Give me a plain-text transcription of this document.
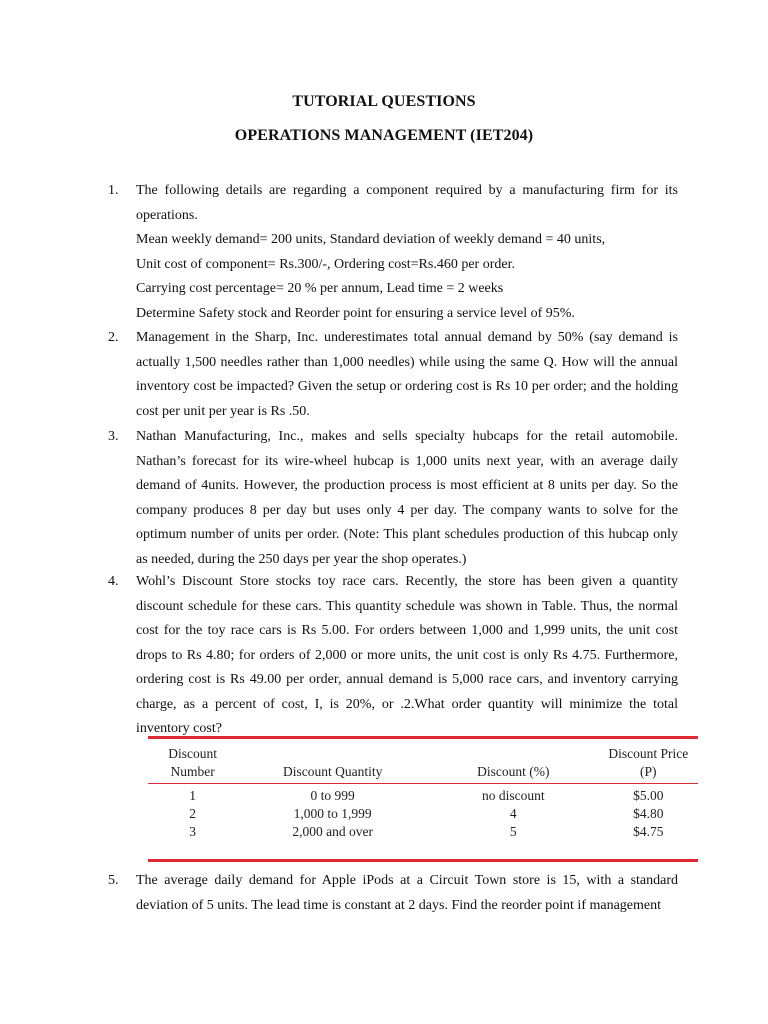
TUTORIAL QUESTIONS
OPERATIONS MANAGEMENT (IET204)
1. The following details are regarding a component required by a manufacturing firm for its operations.
Mean weekly demand= 200 units, Standard deviation of weekly demand = 40 units,
Unit cost of component= Rs.300/-, Ordering cost=Rs.460 per order.
Carrying cost percentage= 20 % per annum, Lead time = 2 weeks
Determine Safety stock and Reorder point for ensuring a service level of 95%.
2. Management in the Sharp, Inc. underestimates total annual demand by 50% (say demand is actually 1,500 needles rather than 1,000 needles) while using the same Q. How will the annual inventory cost be impacted? Given the setup or ordering cost is Rs 10 per order; and the holding cost per unit per year is Rs .50.
3. Nathan Manufacturing, Inc., makes and sells specialty hubcaps for the retail automobile. Nathan’s forecast for its wire-wheel hubcap is 1,000 units next year, with an average daily demand of 4units. However, the production process is most efficient at 8 units per day. So the company produces 8 per day but uses only 4 per day. The company wants to solve for the optimum number of units per order. (Note: This plant schedules production of this hubcap only as needed, during the 250 days per year the shop operates.)
4. Wohl’s Discount Store stocks toy race cars. Recently, the store has been given a quantity discount schedule for these cars. This quantity schedule was shown in Table. Thus, the normal cost for the toy race cars is Rs 5.00. For orders between 1,000 and 1,999 units, the unit cost drops to Rs 4.80; for orders of 2,000 or more units, the unit cost is only Rs 4.75. Furthermore, ordering cost is Rs 49.00 per order, annual demand is 5,000 race cars, and inventory carrying charge, as a percent of cost, I, is 20%, or .2.What order quantity will minimize the total inventory cost?
Discount Number	Discount Quantity	Discount (%)	Discount Price (P)
1	0 to 999	no discount	$5.00
2	1,000 to 1,999	4	$4.80
3	2,000 and over	5	$4.75
5. The average daily demand for Apple iPods at a Circuit Town store is 15, with a standard deviation of 5 units. The lead time is constant at 2 days. Find the reorder point if management
